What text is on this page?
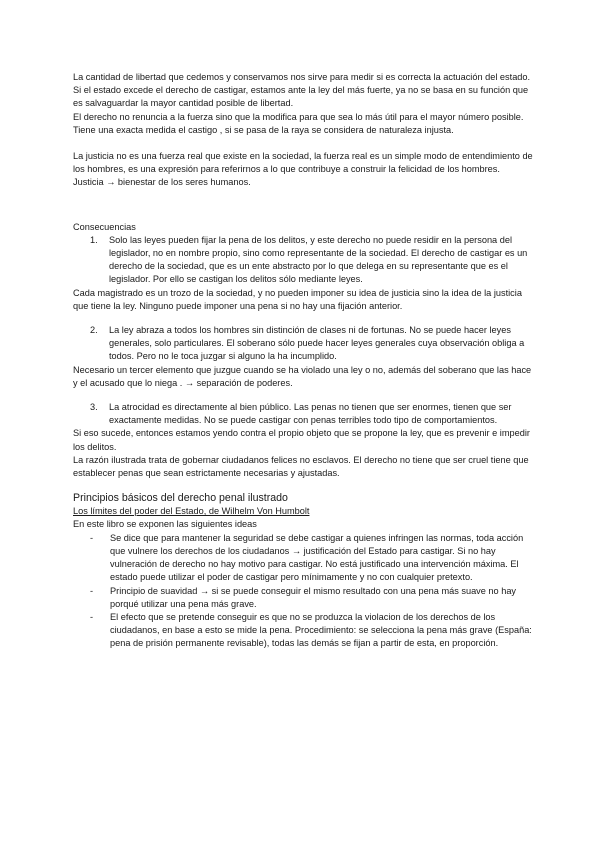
La cantidad de libertad que cedemos y conservamos nos sirve para medir si es correcta la actuación del estado.

Si el estado excede el derecho de castigar, estamos ante la ley del más fuerte, ya no se basa en su función que es salvaguardar la mayor cantidad posible de libertad.

El derecho no renuncia a la fuerza sino que la modifica para que sea lo más útil para el mayor número posible.

Tiene una exacta medida el castigo , si se pasa de la raya se considera de naturaleza injusta.

La justicia no es una fuerza real que existe en la sociedad, la fuerza real es un simple modo de entendimiento de los hombres, es una expresión para referirnos a lo que contribuye a construir la felicidad de los hombres. Justicia → bienestar de los seres humanos.

Consecuencias

1. Solo las leyes pueden fijar la pena de los delitos, y este derecho no puede residir en la persona del legislador, no en nombre propio, sino como representante de la sociedad. El derecho de castigar es un derecho de la sociedad, que es un ente abstracto por lo que delega en su representante que es el legislador. Por ello se castigan los delitos sólo mediante leyes.

Cada magistrado es un trozo de la sociedad, y no pueden imponer su idea de justicia sino la idea de la justicia que tiene la ley. Ninguno puede imponer una pena si no hay una fijación anterior.

2. La ley abraza a todos los hombres sin distinción de clases ni de fortunas. No se puede hacer leyes generales, solo particulares. El soberano sólo puede hacer leyes generales cuya observación obliga a todos. Pero no le toca juzgar si alguno la ha incumplido.

Necesario un tercer elemento que juzgue cuando se ha violado una ley o no, además del soberano que las hace y el acusado que lo niega . → separación de poderes.

3. La atrocidad es directamente al bien público. Las penas no tienen que ser enormes, tienen que ser exactamente medidas. No se puede castigar con penas terribles todo tipo de comportamientos.

Si eso sucede, entonces estamos yendo contra el propio objeto que se propone la ley, que es prevenir e impedir los delitos.

La razón ilustrada trata de gobernar ciudadanos felices no esclavos. El derecho no tiene que ser cruel tiene que establecer penas que sean estrictamente necesarias y ajustadas.

Principios básicos del derecho penal ilustrado

Los límites del poder del Estado, de Wilhelm Von Humbolt

En este libro se exponen las siguientes ideas

- Se dice que para mantener la seguridad se debe castigar a quienes infringen las normas, toda acción que vulnere los derechos de los ciudadanos → justificación del Estado para castigar. Si no hay vulneración de derecho no hay motivo para castigar. No está justificado una intervención máxima. El estado puede utilizar el poder de castigar pero mínimamente y no con cualquier pretexto.
- Principio de suavidad → si se puede conseguir el mismo resultado con una pena más suave no hay porqué utilizar una pena más grave.
- El efecto que se pretende conseguir es que no se produzca la violacion de los derechos de los ciudadanos, en base a esto se mide la pena. Procedimiento: se selecciona la pena más grave (España: pena de prisión permanente revisable), todas las demás se fijan a partir de esta, en proporción.
